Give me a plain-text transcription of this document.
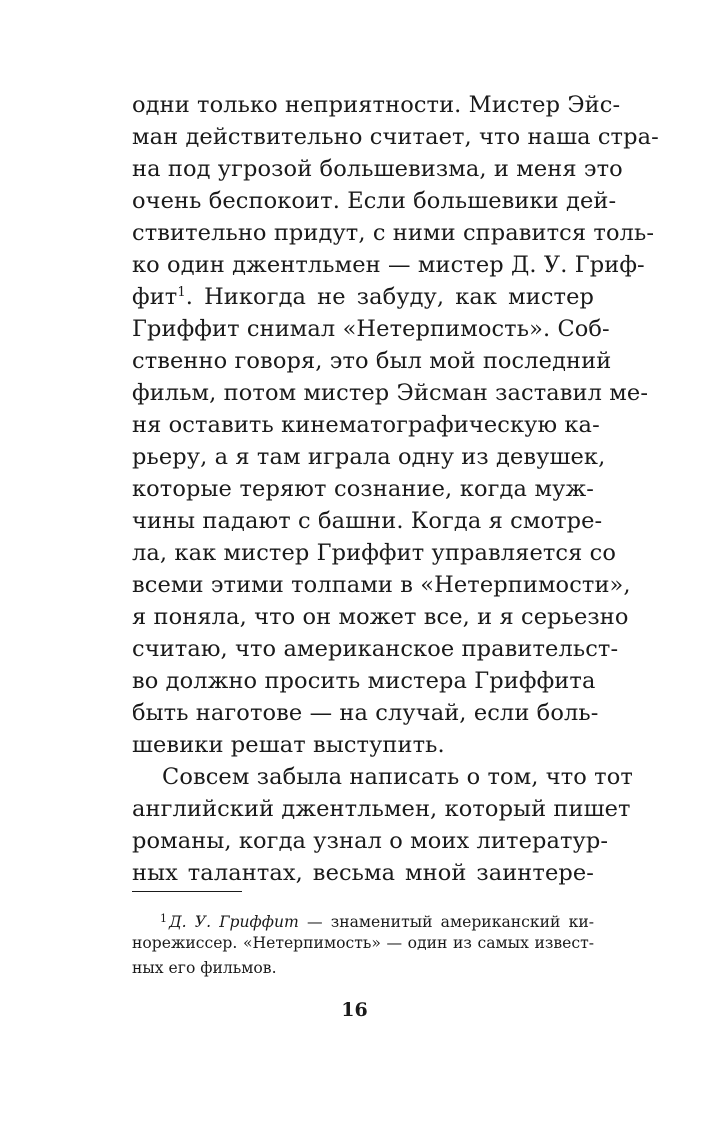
одни только неприятности. Мистер Эйс-
ман действительно считает, что наша стра-
на под угрозой большевизма, и меня это
очень беспокоит. Если большевики дей-
ствительно придут, с ними справится толь-
ко один джентльмен — мистер Д. У. Гриф-
фит$^1$. Никогда не забуду, как мистер
Гриффит снимал «Нетерпимость». Соб-
ственно говоря, это был мой последний
фильм, потом мистер Эйсман заставил ме-
ня оставить кинематографическую ка-
рьеру, а я там играла одну из девушек,
которые теряют сознание, когда муж-
чины падают с башни. Когда я смотре-
ла, как мистер Гриффит управляется со
всеми этими толпами в «Нетерпимости»,
я поняла, что он может все, и я серьезно
считаю, что американское правительст-
во должно просить мистера Гриффита
быть наготове — на случай, если боль-
шевики решат выступить.
Совсем забыла написать о том, что тот
английский джентльмен, который пишет
романы, когда узнал о моих литератур-
ных талантах, весьма мной заинтере-
$^1$ Д. У. Гриффит — знаменитый американский ки-
норежиссер. «Нетерпимость» — один из самых извест-
ных его фильмов.
16
